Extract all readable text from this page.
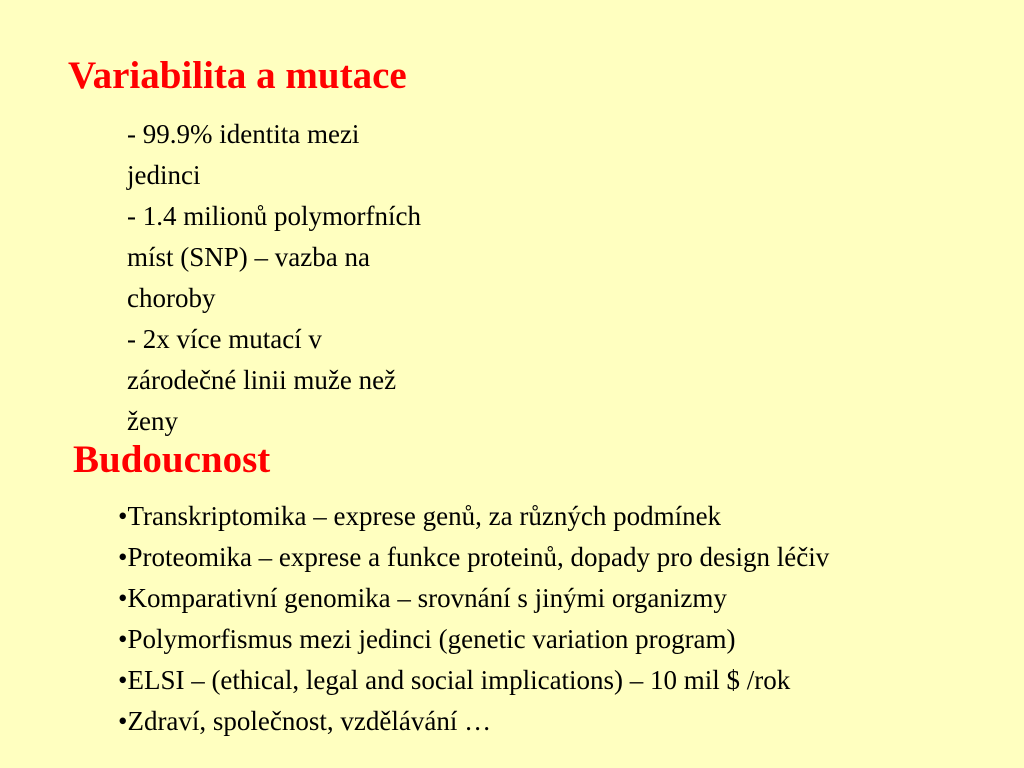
Variabilita a mutace
- 99.9% identita mezi
jedinci
- 1.4 milionů polymorfních
míst (SNP) – vazba na
choroby
- 2x více mutací v
zárodečné linii muže než
ženy
Budoucnost
•Transkriptomika – exprese genů, za různých podmínek
•Proteomika – exprese a funkce proteinů, dopady pro design léčiv
•Komparativní genomika – srovnání s jinými organizmy
•Polymorfismus mezi jedinci (genetic variation program)
•ELSI – (ethical, legal and social implications) – 10 mil $ /rok
•Zdraví, společnost, vzdělávání …
